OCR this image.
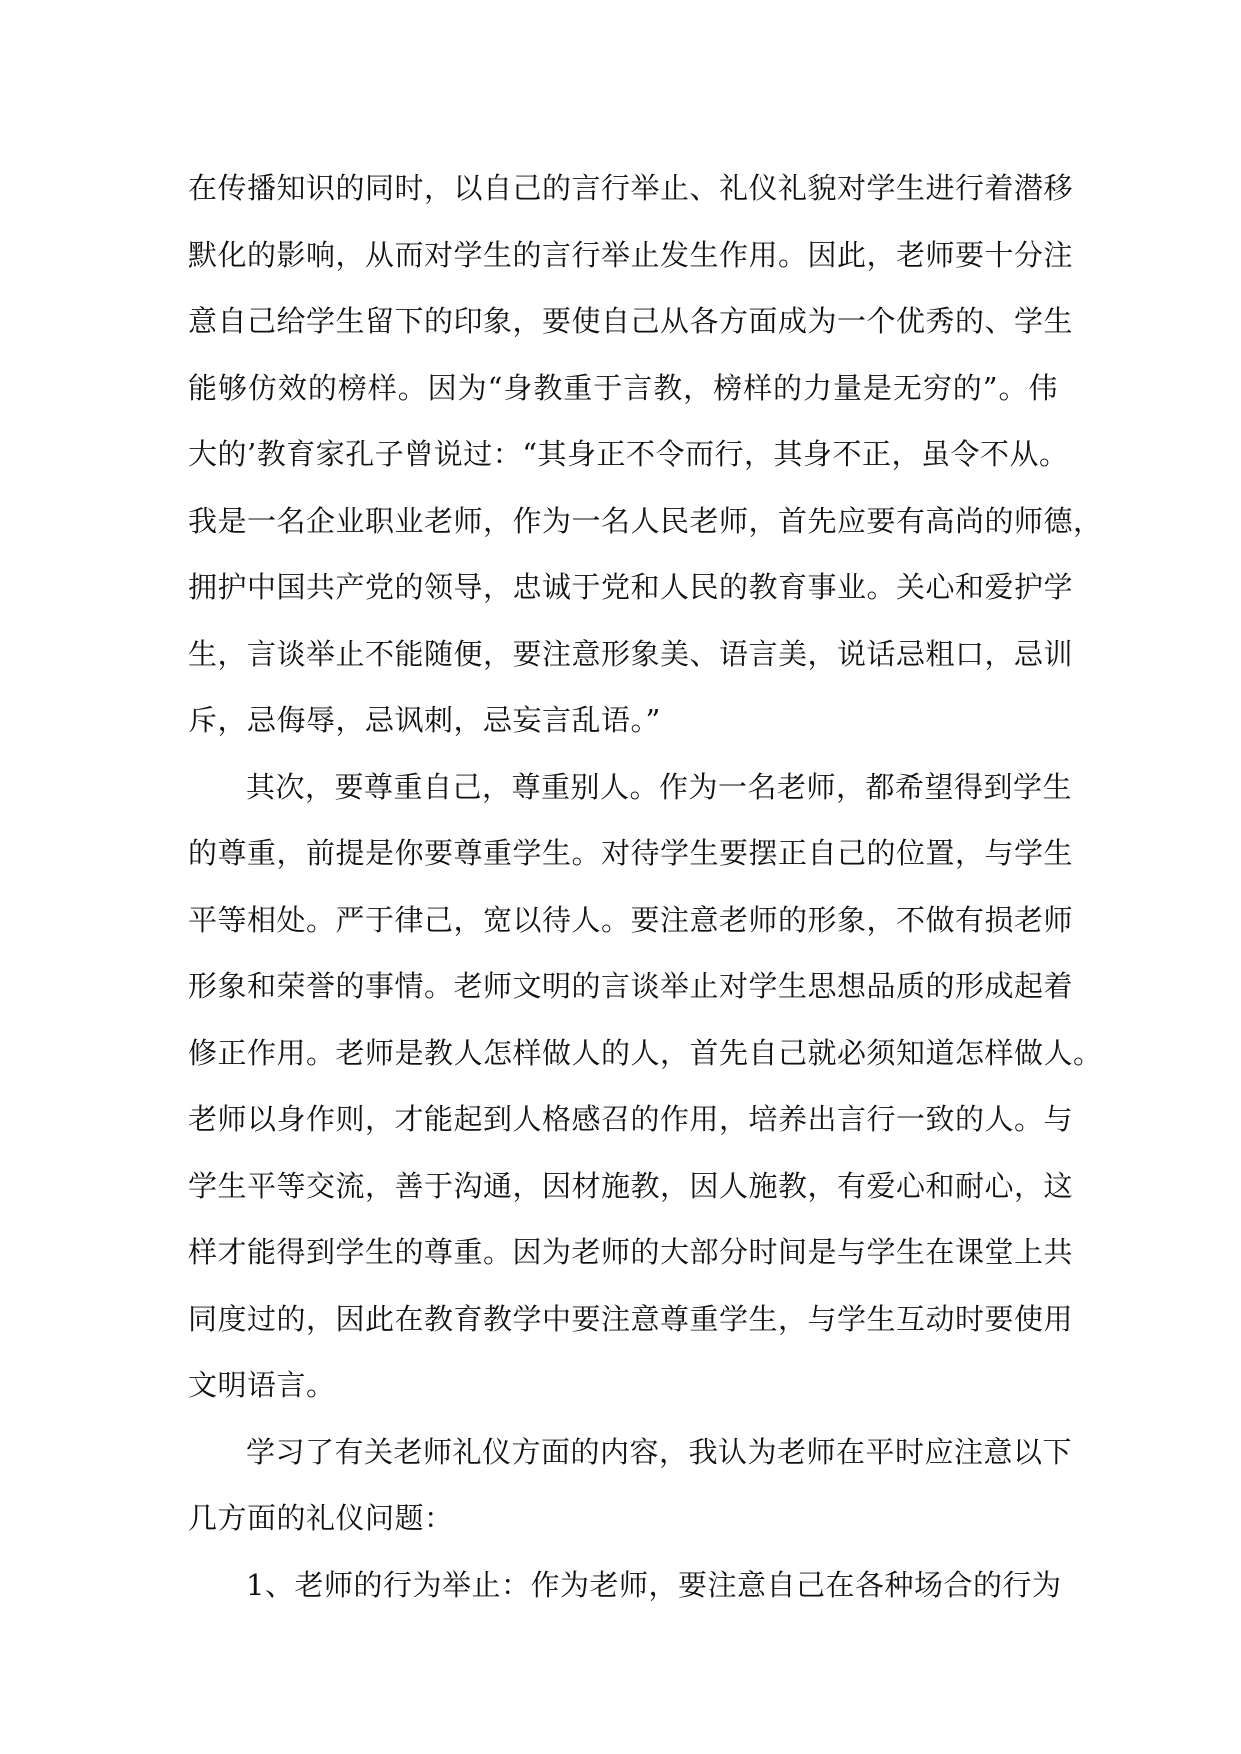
在传播知识的同时，以自己的言行举止、礼仪礼貌对学生进行着潜移
默化的影响，从而对学生的言行举止发生作用。因此，老师要十分注
意自己给学生留下的印象，要使自己从各方面成为一个优秀的、学生
能够仿效的榜样。因为“身教重于言教，榜样的力量是无穷的”。伟
大的’教育家孔子曾说过：“其身正不令而行，其身不正，虽令不从。
我是一名企业职业老师，作为一名人民老师，首先应要有高尚的师德，
拥护中国共产党的领导，忠诚于党和人民的教育事业。关心和爱护学
生，言谈举止不能随便，要注意形象美、语言美，说话忌粗口，忌训
斥，忌侮辱，忌讽刺，忌妄言乱语。”
其次，要尊重自己，尊重别人。作为一名老师，都希望得到学生
的尊重，前提是你要尊重学生。对待学生要摆正自己的位置，与学生
平等相处。严于律己，宽以待人。要注意老师的形象，不做有损老师
形象和荣誉的事情。老师文明的言谈举止对学生思想品质的形成起着
修正作用。老师是教人怎样做人的人，首先自己就必须知道怎样做人。
老师以身作则，才能起到人格感召的作用，培养出言行一致的人。与
学生平等交流，善于沟通，因材施教，因人施教，有爱心和耐心，这
样才能得到学生的尊重。因为老师的大部分时间是与学生在课堂上共
同度过的，因此在教育教学中要注意尊重学生，与学生互动时要使用
文明语言。
学习了有关老师礼仪方面的内容，我认为老师在平时应注意以下
几方面的礼仪问题：
1、老师的行为举止：作为老师，要注意自己在各种场合的行为
